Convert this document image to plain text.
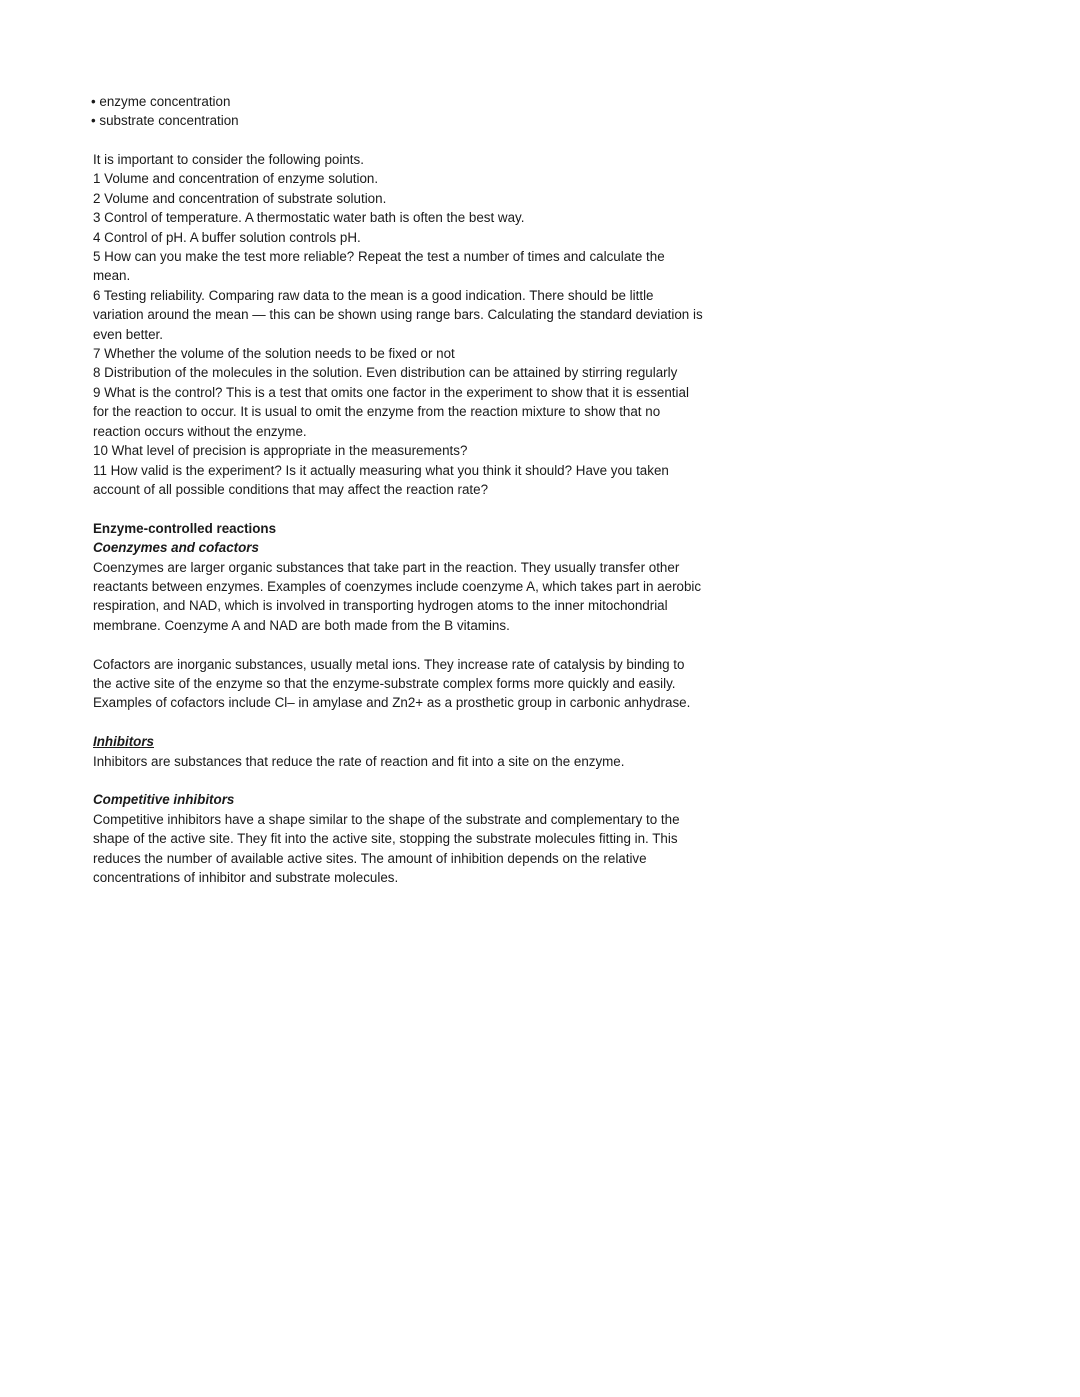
• enzyme concentration
• substrate concentration

It is important to consider the following points.

1 Volume and concentration of enzyme solution.

2 Volume and concentration of substrate solution.

3 Control of temperature. A thermostatic water bath is often the best way.

4 Control of pH. A buffer solution controls pH.

5 How can you make the test more reliable? Repeat the test a number of times and calculate the mean.

6 Testing reliability. Comparing raw data to the mean is a good indication. There should be little variation around the mean — this can be shown using range bars. Calculating the standard deviation is even better.

7 Whether the volume of the solution needs to be fixed or not

8 Distribution of the molecules in the solution. Even distribution can be attained by stirring regularly

9 What is the control? This is a test that omits one factor in the experiment to show that it is essential for the reaction to occur. It is usual to omit the enzyme from the reaction mixture to show that no reaction occurs without the enzyme.

10 What level of precision is appropriate in the measurements?

11 How valid is the experiment? Is it actually measuring what you think it should? Have you taken account of all possible conditions that may affect the reaction rate?

Enzyme-controlled reactions

Coenzymes and cofactors

Coenzymes are larger organic substances that take part in the reaction. They usually transfer other reactants between enzymes. Examples of coenzymes include coenzyme A, which takes part in aerobic respiration, and NAD, which is involved in transporting hydrogen atoms to the inner mitochondrial membrane. Coenzyme A and NAD are both made from the B vitamins.

Cofactors are inorganic substances, usually metal ions. They increase rate of catalysis by binding to the active site of the enzyme so that the enzyme-substrate complex forms more quickly and easily. Examples of cofactors include Cl– in amylase and Zn2+ as a prosthetic group in carbonic anhydrase.

Inhibitors

Inhibitors are substances that reduce the rate of reaction and fit into a site on the enzyme.

Competitive inhibitors

Competitive inhibitors have a shape similar to the shape of the substrate and complementary to the shape of the active site. They fit into the active site, stopping the substrate molecules fitting in. This reduces the number of available active sites. The amount of inhibition depends on the relative concentrations of inhibitor and substrate molecules.
